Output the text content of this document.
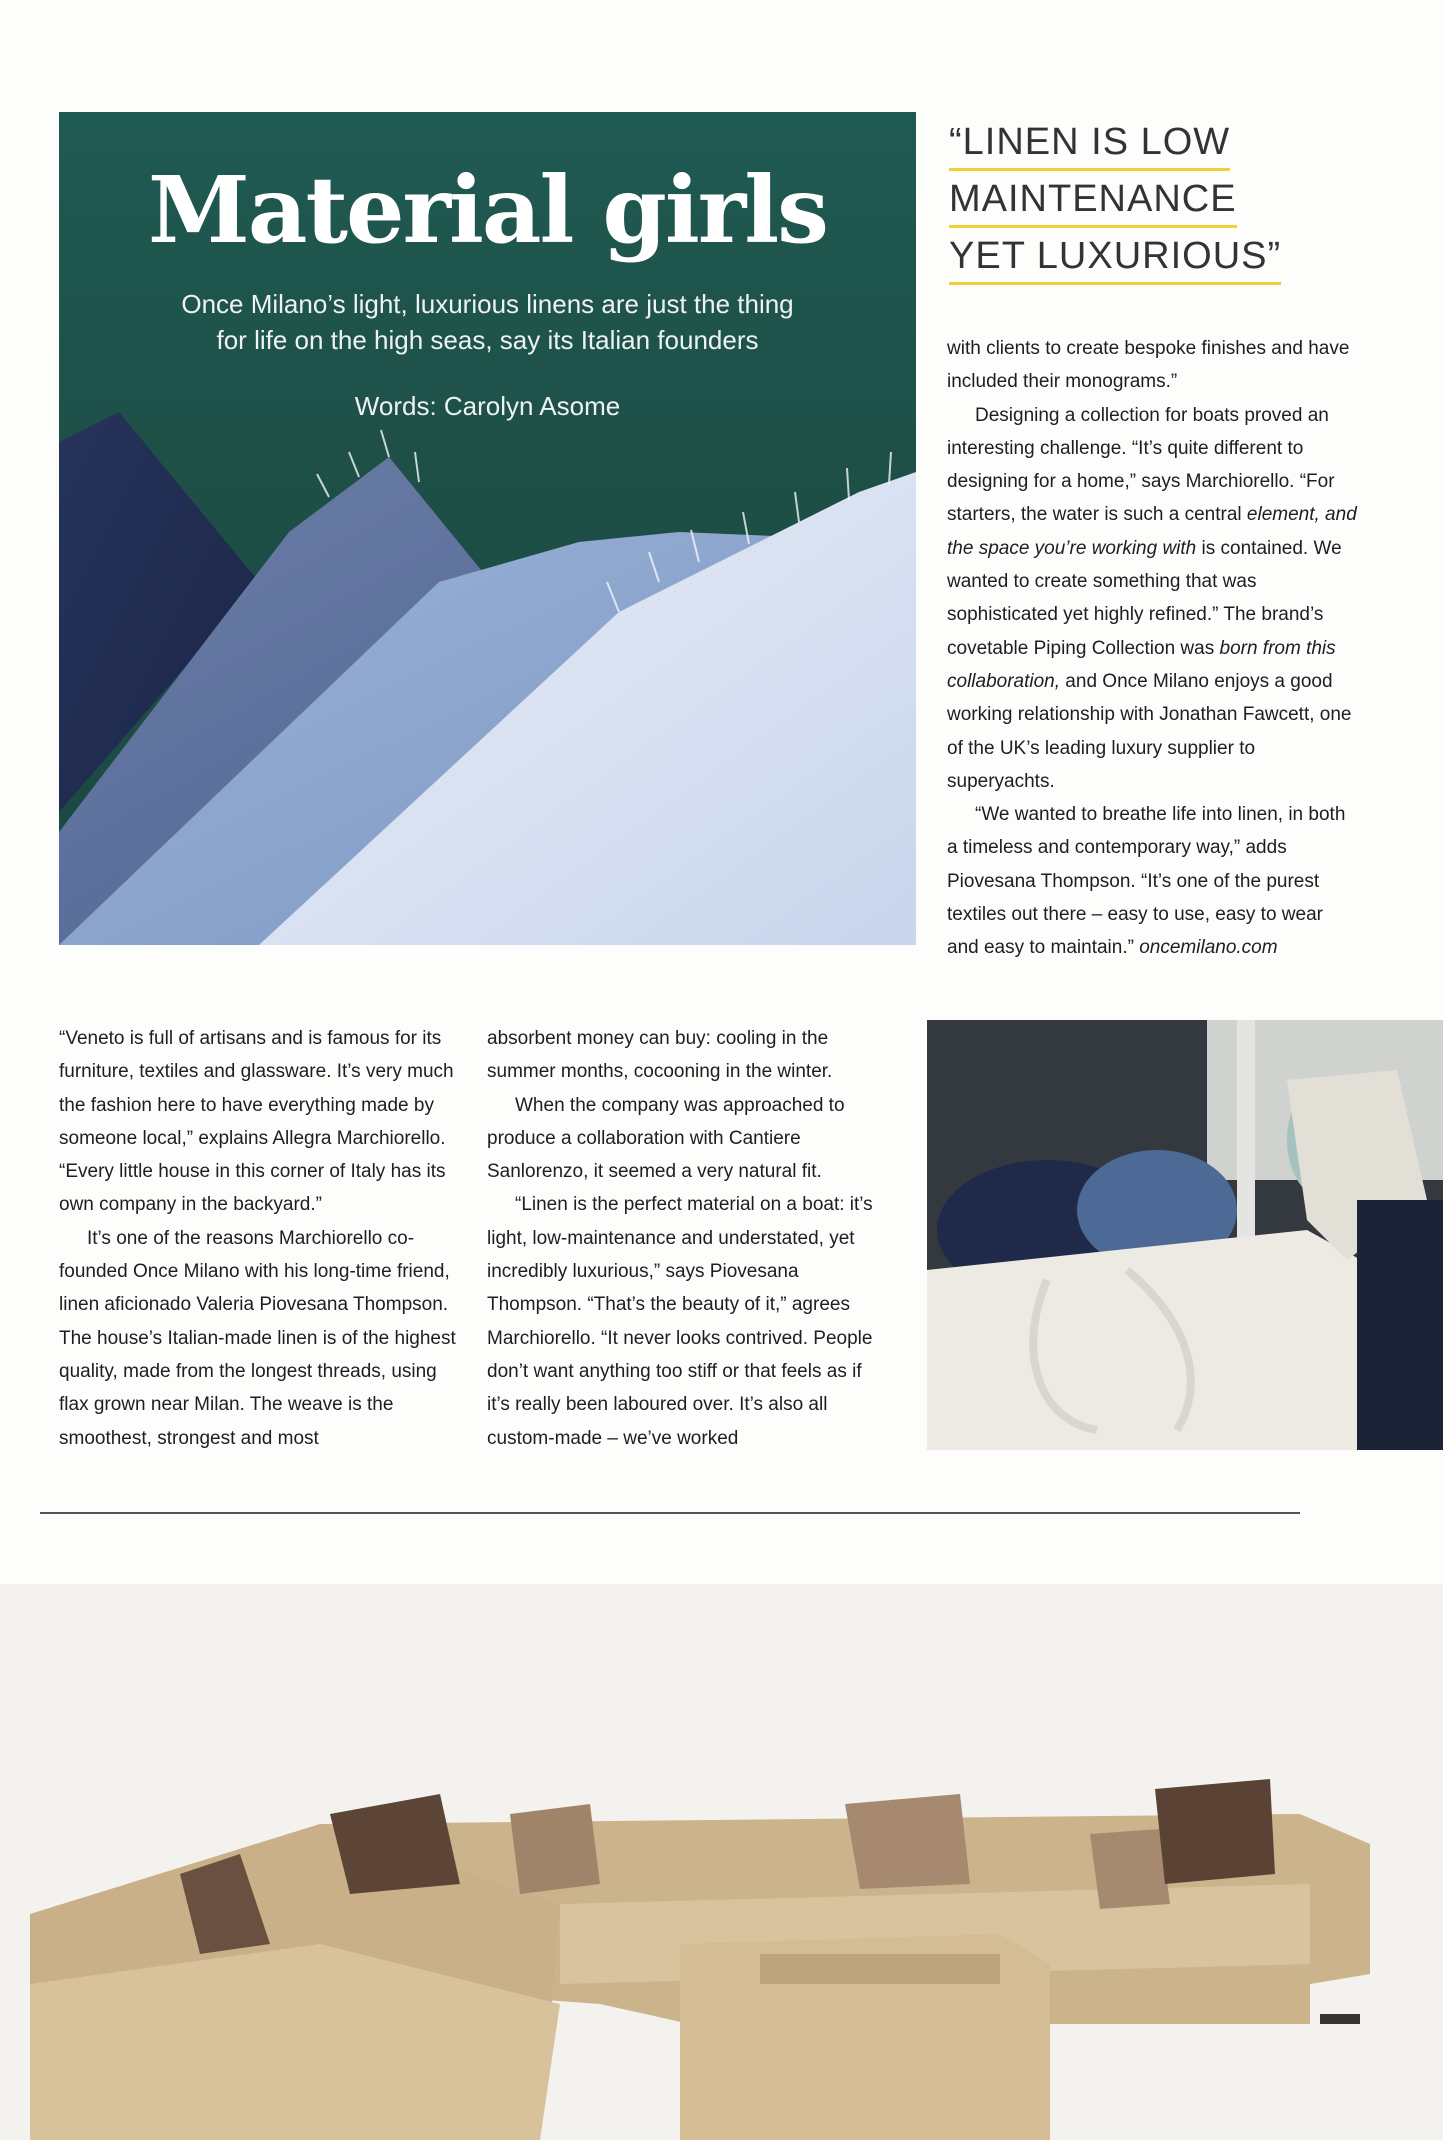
Material girls
Once Milano’s light, luxurious linens are just the thing
for life on the high seas, say its Italian founders
Words: Carolyn Asome
“LINEN IS LOW
MAINTENANCE
YET LUXURIOUS”

with clients to create bespoke finishes and have included their monograms.”

Designing a collection for boats proved an interesting challenge. “It’s quite different to designing for a home,” says Marchiorello. “For starters, the water is such a central element, and the space you’re working with is contained. We wanted to create something that was sophisticated yet highly refined.” The brand’s covetable Piping Collection was born from this collaboration, and Once Milano enjoys a good working relationship with Jonathan Fawcett, one of the UK’s leading luxury supplier to superyachts.

“We wanted to breathe life into linen, in both a timeless and contemporary way,” adds Piovesana Thompson. “It’s one of the purest textiles out there – easy to use, easy to wear and easy to maintain.” oncemilano.com

“Veneto is full of artisans and is famous for its furniture, textiles and glassware. It’s very much the fashion here to have everything made by someone local,” explains Allegra Marchiorello. “Every little house in this corner of Italy has its own company in the backyard.”

It’s one of the reasons Marchiorello co-founded Once Milano with his long-time friend, linen aficionado Valeria Piovesana Thompson. The house’s Italian-made linen is of the highest quality, made from the longest threads, using flax grown near Milan. The weave is the smoothest, strongest and most

absorbent money can buy: cooling in the summer months, cocooning in the winter.

When the company was approached to produce a collaboration with Cantiere Sanlorenzo, it seemed a very natural fit.

“Linen is the perfect material on a boat: it’s light, low-maintenance and understated, yet incredibly luxurious,” says Piovesana Thompson. “That’s the beauty of it,” agrees Marchiorello. “It never looks contrived. People don’t want anything too stiff or that feels as if it’s really been laboured over. It’s also all custom-made – we’ve worked
